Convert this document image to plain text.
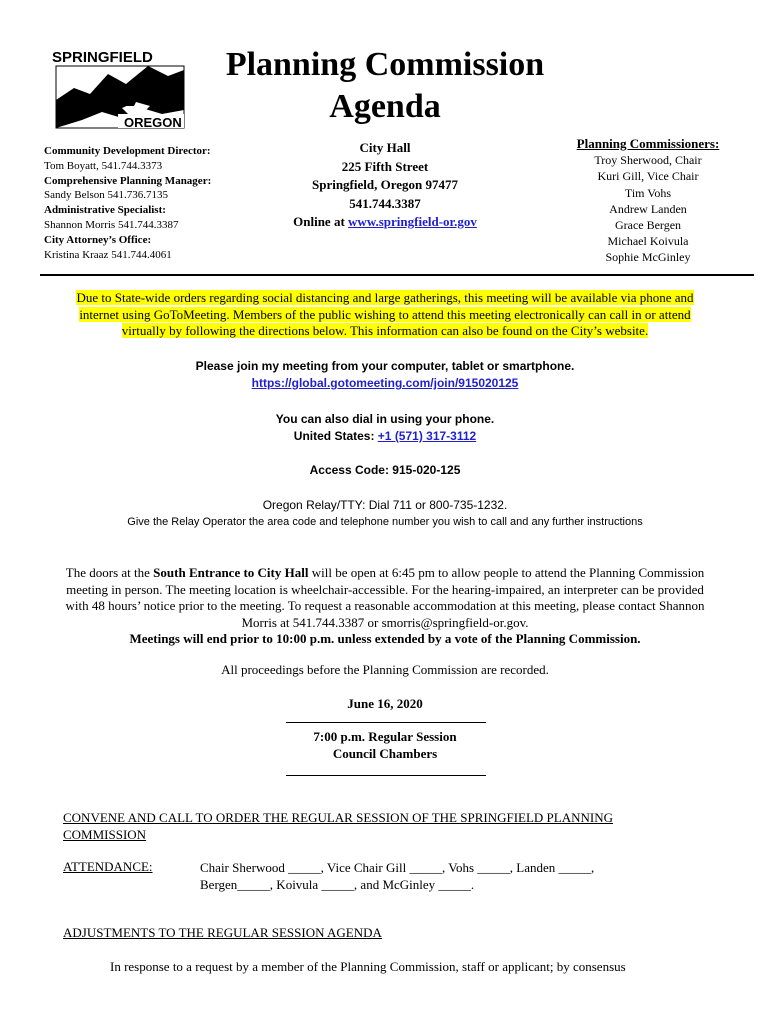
SPRINGFIELD
OREGON
Planning Commission
Agenda
Community Development Director:
Tom Boyatt, 541.744.3373
Comprehensive Planning Manager:
Sandy Belson 541.736.7135
Administrative Specialist:
Shannon Morris 541.744.3387
City Attorney’s Office:
Kristina Kraaz 541.744.4061
City Hall
225 Fifth Street
Springfield, Oregon 97477
541.744.3387
Online at www.springfield-or.gov
Planning Commissioners:
Troy Sherwood, Chair
Kuri Gill, Vice Chair
Tim Vohs
Andrew Landen
Grace Bergen
Michael Koivula
Sophie McGinley
Due to State-wide orders regarding social distancing and large gatherings, this meeting will be available via phone and internet using GoToMeeting. Members of the public wishing to attend this meeting electronically can call in or attend virtually by following the directions below. This information can also be found on the City’s website.
Please join my meeting from your computer, tablet or smartphone.
https://global.gotomeeting.com/join/915020125
You can also dial in using your phone.
United States: +1 (571) 317-3112
Access Code: 915-020-125
Oregon Relay/TTY: Dial 711 or 800-735-1232.
Give the Relay Operator the area code and telephone number you wish to call and any further instructions
The doors at the South Entrance to City Hall will be open at 6:45 pm to allow people to attend the Planning Commission meeting in person. The meeting location is wheelchair-accessible. For the hearing-impaired, an interpreter can be provided with 48 hours’ notice prior to the meeting. To request a reasonable accommodation at this meeting, please contact Shannon Morris at 541.744.3387 or smorris@springfield-or.gov.
Meetings will end prior to 10:00 p.m. unless extended by a vote of the Planning Commission.
All proceedings before the Planning Commission are recorded.
June 16, 2020
7:00 p.m. Regular Session
Council Chambers
CONVENE AND CALL TO ORDER THE REGULAR SESSION OF THE SPRINGFIELD PLANNING COMMISSION
ATTENDANCE:	Chair Sherwood _____, Vice Chair Gill _____, Vohs _____, Landen _____,
Bergen_____, Koivula _____, and McGinley _____.
ADJUSTMENTS TO THE REGULAR SESSION AGENDA
In response to a request by a member of the Planning Commission, staff or applicant; by consensus
